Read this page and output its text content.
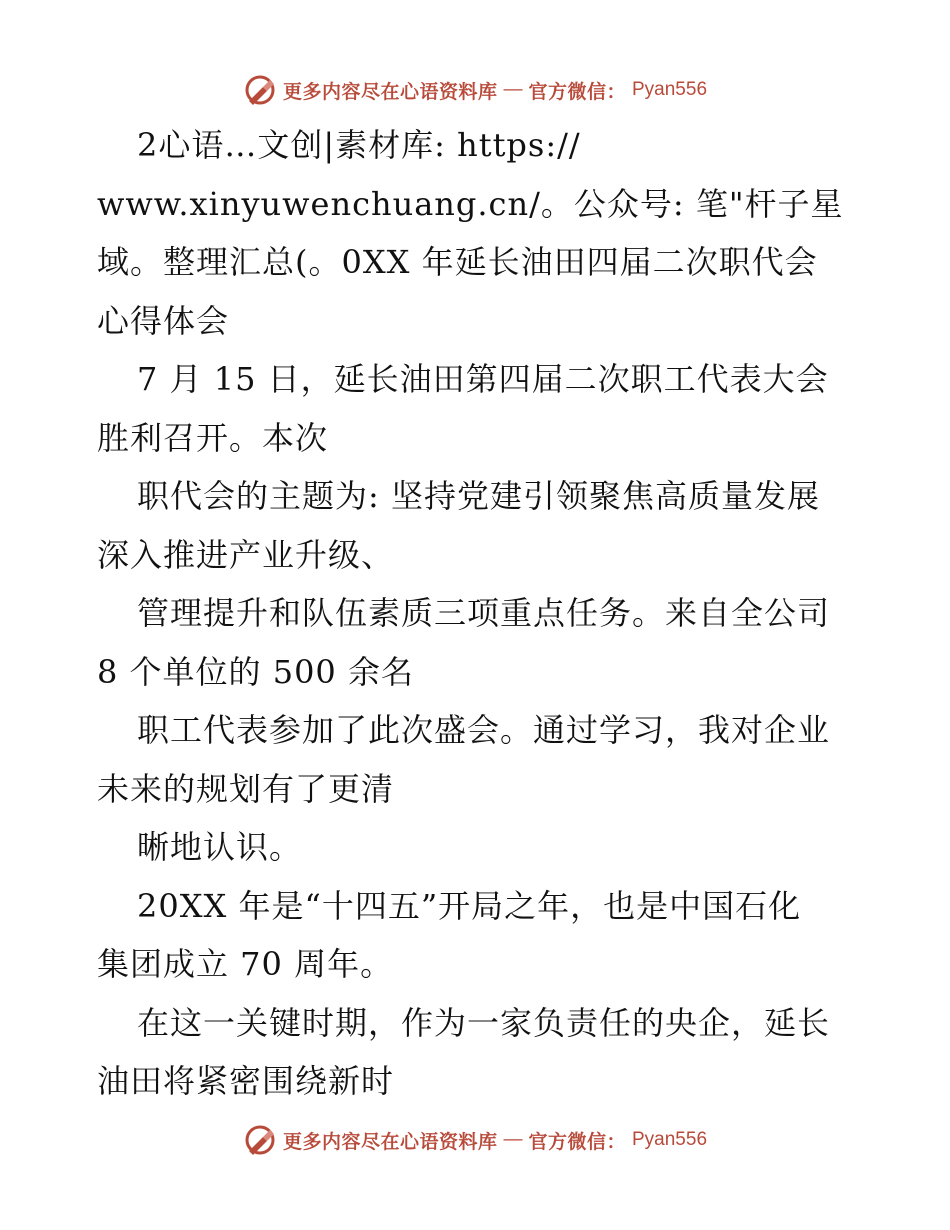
更多内容尽在心语资料库 — 官方微信： Pyan556

2心语…文创|素材库: https://

www.xinyuwenchuang.cn/。公众号: 笔"杆子星

域。整理汇总(。0XX 年延长油田四届二次职代会

心得体会

7 月 15 日，延长油田第四届二次职工代表大会

胜利召开。本次

职代会的主题为: 坚持党建引领聚焦高质量发展

深入推进产业升级、

管理提升和队伍素质三项重点任务。来自全公司

8 个单位的 500 余名

职工代表参加了此次盛会。通过学习，我对企业

未来的规划有了更清

晰地认识。

20XX 年是“十四五”开局之年，也是中国石化

集团成立 70 周年。

在这一关键时期，作为一家负责任的央企，延长

油田将紧密围绕新时

更多内容尽在心语资料库 — 官方微信： Pyan556
